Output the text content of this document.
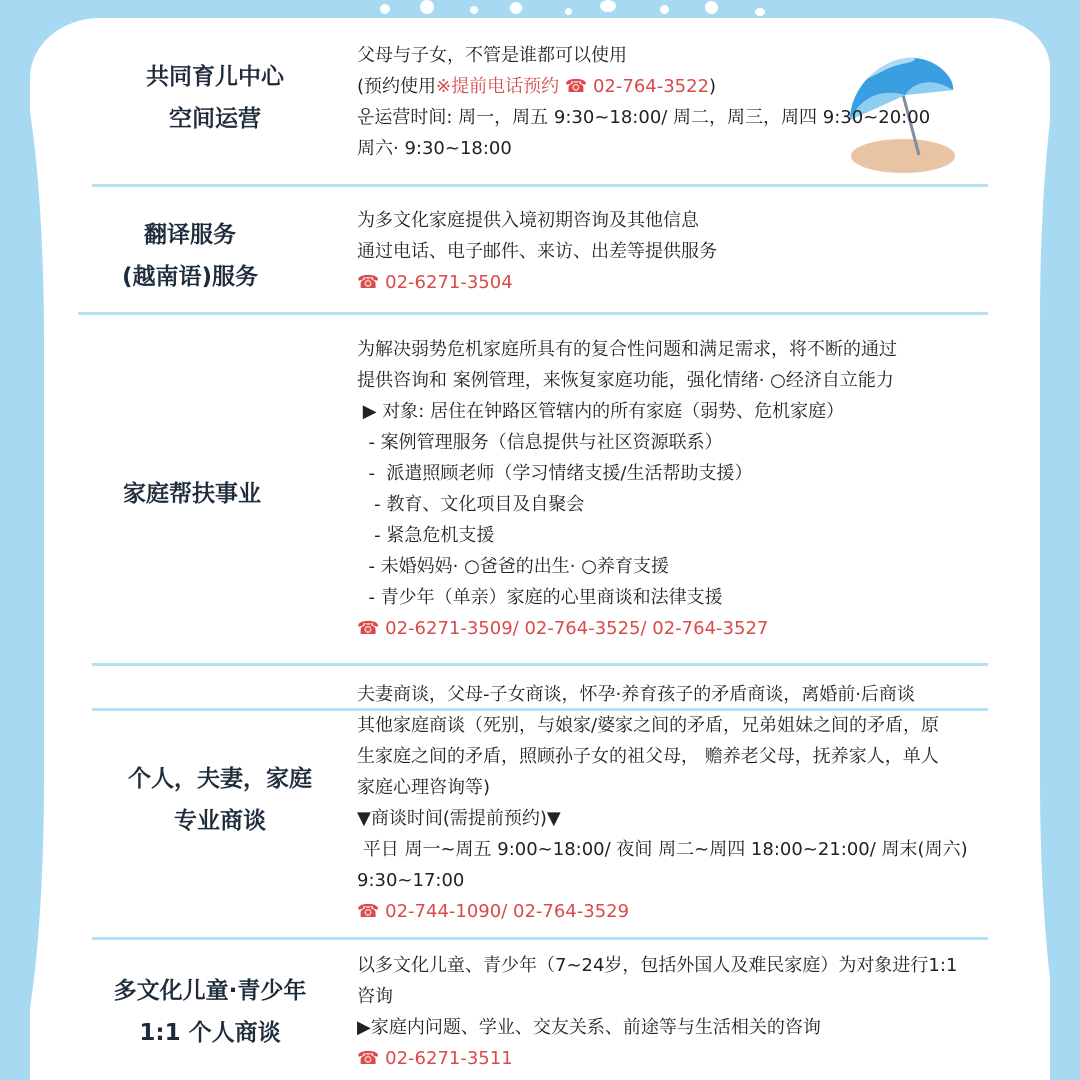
共同育儿中心
空间运营
父母与子女，不管是谁都可以使用
(预约使用※提前电话预约 ☎ 02-764-3522)
운运营时间: 周一，周五 9:30~18:00/ 周二，周三，周四 9:30~20:00
周六· 9:30~18:00
翻译服务
(越南语)服务
为多文化家庭提供入境初期咨询及其他信息
通过电话、电子邮件、来访、出差等提供服务
☎ 02-6271-3504
家庭帮扶事业
为解决弱势危机家庭所具有的复合性问题和满足需求，将不断的通过
提供咨询和 案例管理，来恢复家庭功能，强化情绪· ○经济自立能力
▶ 对象: 居住在钟路区管辖内的所有家庭（弱势、危机家庭）
- 案例管理服务（信息提供与社区资源联系）
-  派遣照顾老师（学习情绪支援/生活帮助支援）
- 教育、文化项目及自聚会
- 紧急危机支援
- 未婚妈妈· ○爸爸的出生· ○养育支援
- 青少年（单亲）家庭的心里商谈和法律支援
☎ 02-6271-3509/ 02-764-3525/ 02-764-3527
个人，夫妻，家庭
专业商谈
夫妻商谈，父母-子女商谈，怀孕·养育孩子的矛盾商谈，离婚前·后商谈
其他家庭商谈（死别，与娘家/婆家之间的矛盾，兄弟姐妹之间的矛盾，原
生家庭之间的矛盾，照顾孙子女的祖父母， 赡养老父母，抚养家人，单人
家庭心理咨询等)
▼商谈时间(需提前预约)▼
平日 周一~周五 9:00~18:00/ 夜间 周二~周四 18:00~21:00/ 周末(周六)
9:30~17:00
☎ 02-744-1090/ 02-764-3529
多文化儿童·青少年
1:1 个人商谈
以多文化儿童、青少年（7~24岁，包括外国人及难民家庭）为对象进行1:1
咨询
▶家庭内问题、学业、交友关系、前途等与生活相关的咨询
☎ 02-6271-3511
